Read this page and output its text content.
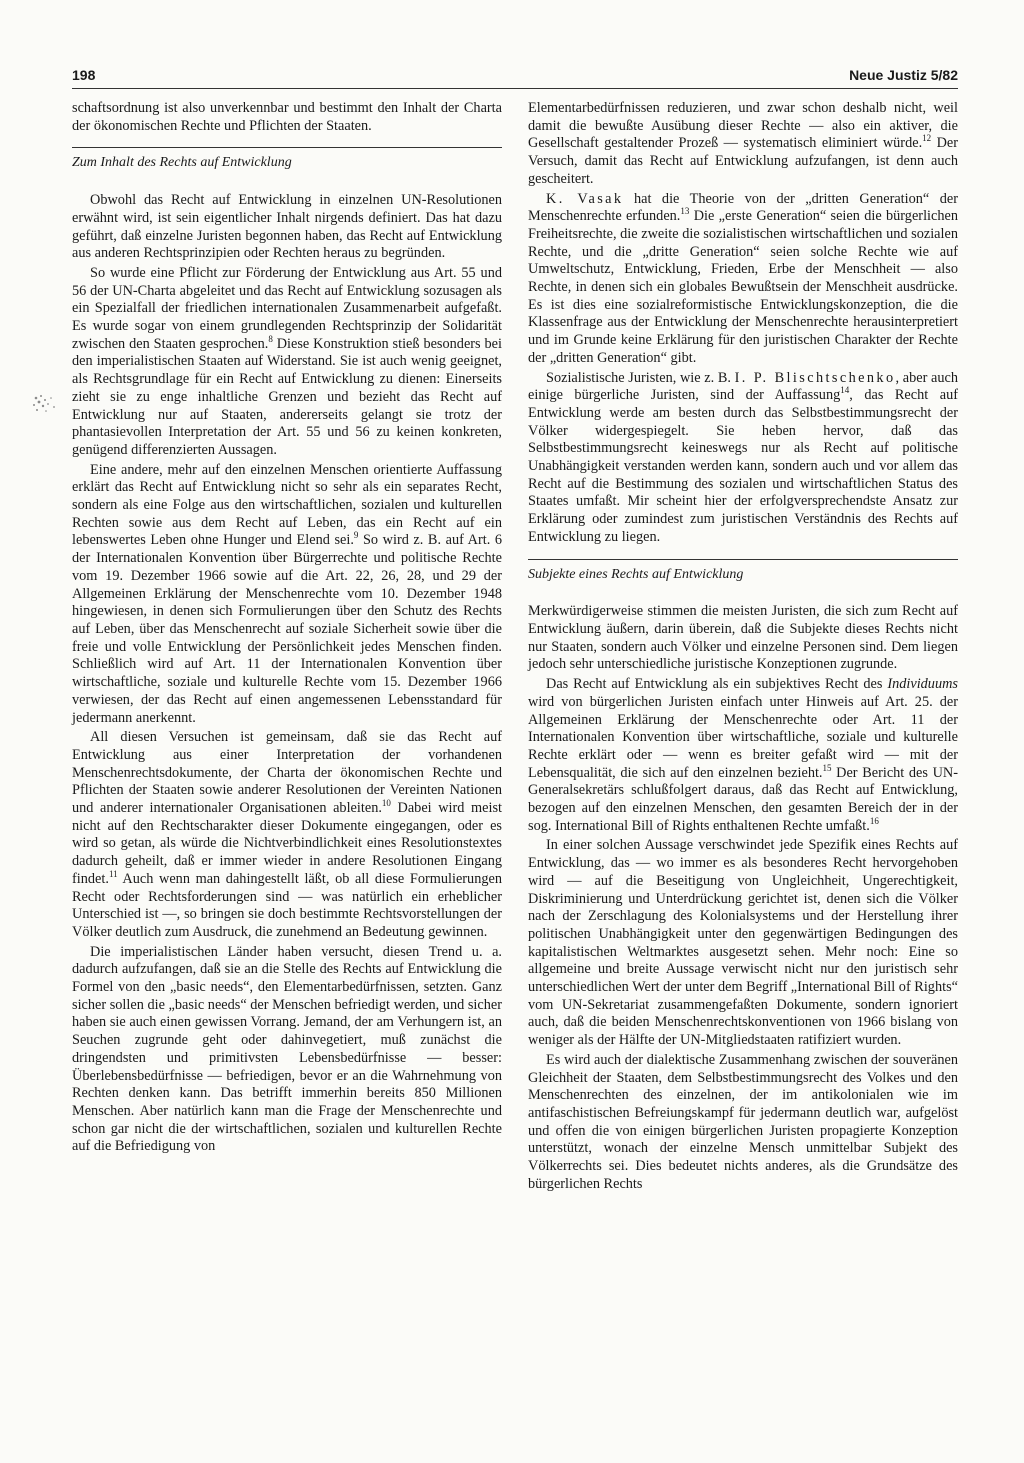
198	Neue Justiz 5/82

schaftsordnung ist also unverkennbar und bestimmt den Inhalt der Charta der ökonomischen Rechte und Pflichten der Staaten.

Zum Inhalt des Rechts auf Entwicklung

Obwohl das Recht auf Entwicklung in einzelnen UN-Resolutionen erwähnt wird, ist sein eigentlicher Inhalt nirgends definiert. Das hat dazu geführt, daß einzelne Juristen begonnen haben, das Recht auf Entwicklung aus anderen Rechtsprinzipien oder Rechten heraus zu begründen.

So wurde eine Pflicht zur Förderung der Entwicklung aus Art. 55 und 56 der UN-Charta abgeleitet und das Recht auf Entwicklung sozusagen als ein Spezialfall der friedlichen internationalen Zusammenarbeit aufgefaßt. Es wurde sogar von einem grundlegenden Rechtsprinzip der Solidarität zwischen den Staaten gesprochen.$^8$ Diese Konstruktion stieß besonders bei den imperialistischen Staaten auf Widerstand. Sie ist auch wenig geeignet, als Rechtsgrundlage für ein Recht auf Entwicklung zu dienen: Einerseits zieht sie zu enge inhaltliche Grenzen und bezieht das Recht auf Entwicklung nur auf Staaten, andererseits gelangt sie trotz der phantasievollen Interpretation der Art. 55 und 56 zu keinen konkreten, genügend differenzierten Aussagen.

Eine andere, mehr auf den einzelnen Menschen orientierte Auffassung erklärt das Recht auf Entwicklung nicht so sehr als ein separates Recht, sondern als eine Folge aus den wirtschaftlichen, sozialen und kulturellen Rechten sowie aus dem Recht auf Leben, das ein Recht auf ein lebenswertes Leben ohne Hunger und Elend sei.$^9$ So wird z. B. auf Art. 6 der Internationalen Konvention über Bürgerrechte und politische Rechte vom 19. Dezember 1966 sowie auf die Art. 22, 26, 28, und 29 der Allgemeinen Erklärung der Menschenrechte vom 10. Dezember 1948 hingewiesen, in denen sich Formulierungen über den Schutz des Rechts auf Leben, über das Menschenrecht auf soziale Sicherheit sowie über die freie und volle Entwicklung der Persönlichkeit jedes Menschen finden. Schließlich wird auf Art. 11 der Internationalen Konvention über wirtschaftliche, soziale und kulturelle Rechte vom 15. Dezember 1966 verwiesen, der das Recht auf einen angemessenen Lebensstandard für jedermann anerkennt.

All diesen Versuchen ist gemeinsam, daß sie das Recht auf Entwicklung aus einer Interpretation der vorhandenen Menschenrechtsdokumente, der Charta der ökonomischen Rechte und Pflichten der Staaten sowie anderer Resolutionen der Vereinten Nationen und anderer internationaler Organisationen ableiten.$^{10}$ Dabei wird meist nicht auf den Rechtscharakter dieser Dokumente eingegangen, oder es wird so getan, als würde die Nichtverbindlichkeit eines Resolutionstextes dadurch geheilt, daß er immer wieder in andere Resolutionen Eingang findet.$^{11}$ Auch wenn man dahingestellt läßt, ob all diese Formulierungen Recht oder Rechtsforderungen sind — was natürlich ein erheblicher Unterschied ist —, so bringen sie doch bestimmte Rechtsvorstellungen der Völker deutlich zum Ausdruck, die zunehmend an Bedeutung gewinnen.

Die imperialistischen Länder haben versucht, diesen Trend u. a. dadurch aufzufangen, daß sie an die Stelle des Rechts auf Entwicklung die Formel von den „basic needs“, den Elementarbedürfnissen, setzten. Ganz sicher sollen die „basic needs“ der Menschen befriedigt werden, und sicher haben sie auch einen gewissen Vorrang. Jemand, der am Verhungern ist, an Seuchen zugrunde geht oder dahinvegetiert, muß zunächst die dringendsten und primitivsten Lebensbedürfnisse — besser: Überlebensbedürfnisse — befriedigen, bevor er an die Wahrnehmung von Rechten denken kann. Das betrifft immerhin bereits 850 Millionen Menschen. Aber natürlich kann man die Frage der Menschenrechte und schon gar nicht die der wirtschaftlichen, sozialen und kulturellen Rechte auf die Befriedigung von

Elementarbedürfnissen reduzieren, und zwar schon deshalb nicht, weil damit die bewußte Ausübung dieser Rechte — also ein aktiver, die Gesellschaft gestaltender Prozeß — systematisch eliminiert würde.$^{12}$ Der Versuch, damit das Recht auf Entwicklung aufzufangen, ist denn auch gescheitert.

K. Vasak hat die Theorie von der „dritten Generation“ der Menschenrechte erfunden.$^{13}$ Die „erste Generation“ seien die bürgerlichen Freiheitsrechte, die zweite die sozialistischen wirtschaftlichen und sozialen Rechte, und die „dritte Generation“ seien solche Rechte wie auf Umweltschutz, Entwicklung, Frieden, Erbe der Menschheit — also Rechte, in denen sich ein globales Bewußtsein der Menschheit ausdrücke. Es ist dies eine sozialreformistische Entwicklungskonzeption, die die Klassenfrage aus der Entwicklung der Menschenrechte herausinterpretiert und im Grunde keine Erklärung für den juristischen Charakter der Rechte der „dritten Generation“ gibt.

Sozialistische Juristen, wie z. B. I. P. Blischtschenko, aber auch einige bürgerliche Juristen, sind der Auffassung$^{14}$, das Recht auf Entwicklung werde am besten durch das Selbstbestimmungsrecht der Völker widergespiegelt. Sie heben hervor, daß das Selbstbestimmungsrecht keineswegs nur als Recht auf politische Unabhängigkeit verstanden werden kann, sondern auch und vor allem das Recht auf die Bestimmung des sozialen und wirtschaftlichen Status des Staates umfaßt. Mir scheint hier der erfolgversprechendste Ansatz zur Erklärung oder zumindest zum juristischen Verständnis des Rechts auf Entwicklung zu liegen.

Subjekte eines Rechts auf Entwicklung

Merkwürdigerweise stimmen die meisten Juristen, die sich zum Recht auf Entwicklung äußern, darin überein, daß die Subjekte dieses Rechts nicht nur Staaten, sondern auch Völker und einzelne Personen sind. Dem liegen jedoch sehr unterschiedliche juristische Konzeptionen zugrunde.

Das Recht auf Entwicklung als ein subjektives Recht des Individuums wird von bürgerlichen Juristen einfach unter Hinweis auf Art. 25. der Allgemeinen Erklärung der Menschenrechte oder Art. 11 der Internationalen Konvention über wirtschaftliche, soziale und kulturelle Rechte erklärt oder — wenn es breiter gefaßt wird — mit der Lebensqualität, die sich auf den einzelnen bezieht.$^{15}$ Der Bericht des UN-Generalsekretärs schlußfolgert daraus, daß das Recht auf Entwicklung, bezogen auf den einzelnen Menschen, den gesamten Bereich der in der sog. International Bill of Rights enthaltenen Rechte umfaßt.$^{16}$

In einer solchen Aussage verschwindet jede Spezifik eines Rechts auf Entwicklung, das — wo immer es als besonderes Recht hervorgehoben wird — auf die Beseitigung von Ungleichheit, Ungerechtigkeit, Diskriminierung und Unterdrückung gerichtet ist, denen sich die Völker nach der Zerschlagung des Kolonialsystems und der Herstellung ihrer politischen Unabhängigkeit unter den gegenwärtigen Bedingungen des kapitalistischen Weltmarktes ausgesetzt sehen. Mehr noch: Eine so allgemeine und breite Aussage verwischt nicht nur den juristisch sehr unterschiedlichen Wert der unter dem Begriff „International Bill of Rights“ vom UN-Sekretariat zusammengefaßten Dokumente, sondern ignoriert auch, daß die beiden Menschenrechtskonventionen von 1966 bislang von weniger als der Hälfte der UN-Mitgliedstaaten ratifiziert wurden.

Es wird auch der dialektische Zusammenhang zwischen der souveränen Gleichheit der Staaten, dem Selbstbestimmungsrecht des Volkes und den Menschenrechten des einzelnen, der im antikolonialen wie im antifaschistischen Befreiungskampf für jedermann deutlich war, aufgelöst und offen die von einigen bürgerlichen Juristen propagierte Konzeption unterstützt, wonach der einzelne Mensch unmittelbar Subjekt des Völkerrechts sei. Dies bedeutet nichts anderes, als die Grundsätze des bürgerlichen Rechts
